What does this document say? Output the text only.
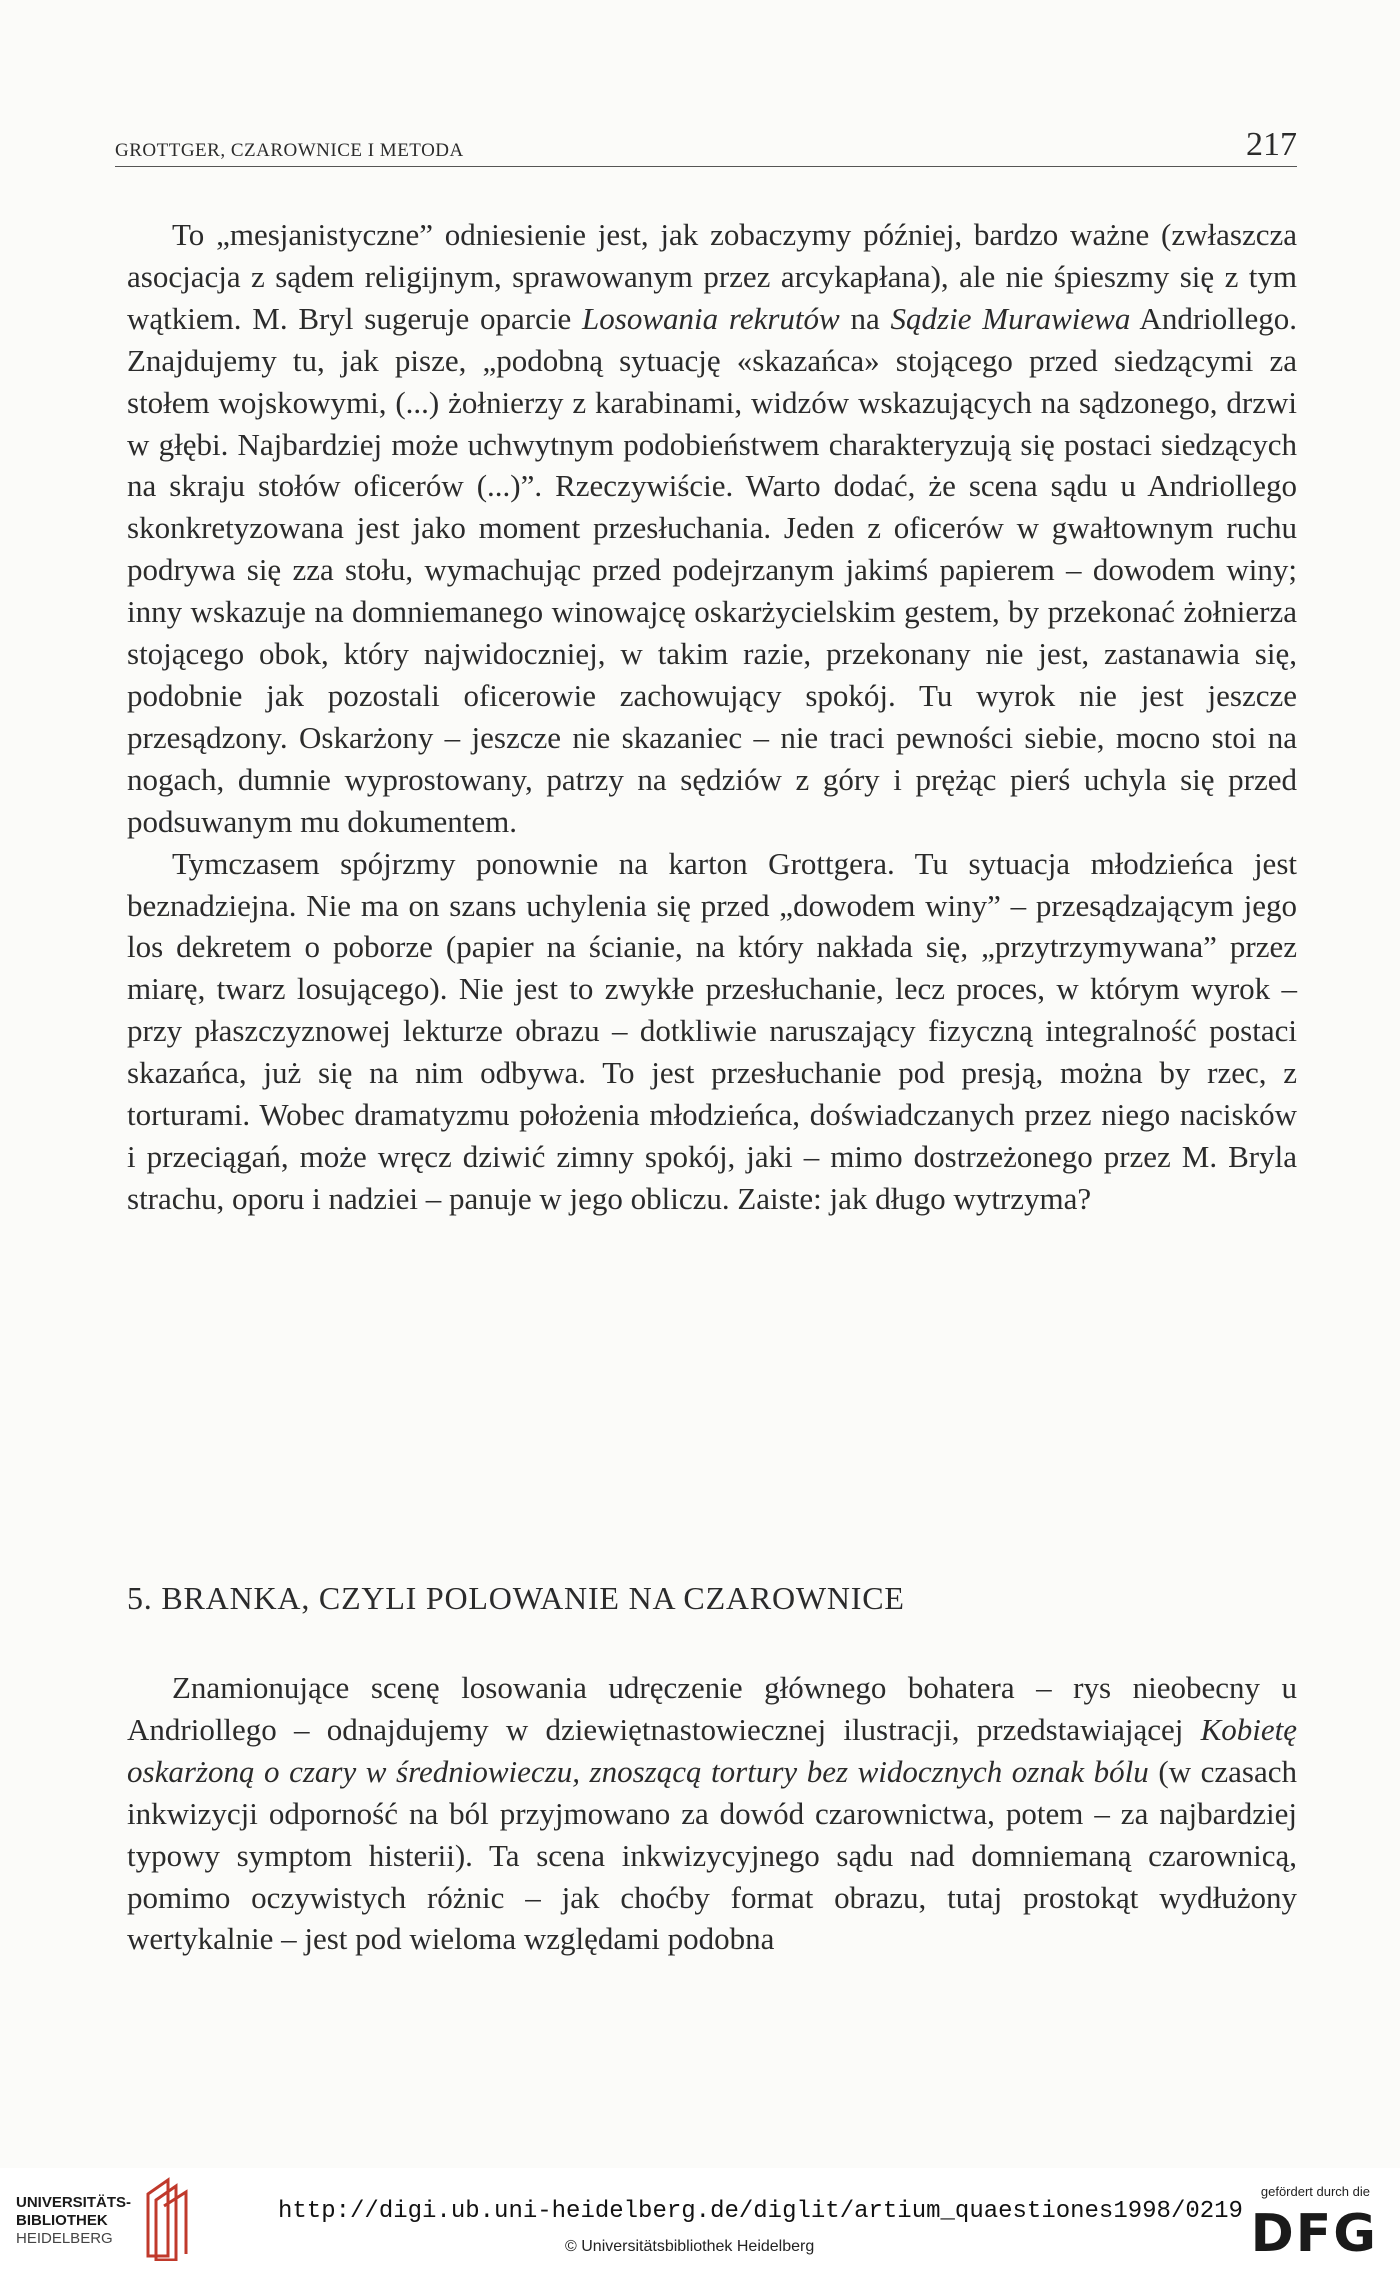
GROTTGER, CZAROWNICE I METODA	217

To „mesjanistyczne” odniesienie jest, jak zobaczymy później, bardzo ważne (zwłaszcza asocjacja z sądem religijnym, sprawowanym przez arcykapłana), ale nie śpieszmy się z tym wątkiem. M. Bryl sugeruje oparcie Losowania rekrutów na Sądzie Murawiewa Andriollego. Znajdujemy tu, jak pisze, „podobną sytuację «skazańca» stojącego przed siedzącymi za stołem wojskowymi, (...) żołnierzy z karabinami, widzów wskazujących na sądzonego, drzwi w głębi. Najbardziej może uchwytnym podobieństwem charakteryzują się postaci siedzących na skraju stołów oficerów (...)”. Rzeczywiście. Warto dodać, że scena sądu u Andriollego skonkretyzowana jest jako moment przesłuchania. Jeden z oficerów w gwałtownym ruchu podrywa się zza stołu, wymachując przed podejrzanym jakimś papierem – dowodem winy; inny wskazuje na domniemanego winowajcę oskarżycielskim gestem, by przekonać żołnierza stojącego obok, który najwidoczniej, w takim razie, przekonany nie jest, zastanawia się, podobnie jak pozostali oficerowie zachowujący spokój. Tu wyrok nie jest jeszcze przesądzony. Oskarżony – jeszcze nie skazaniec – nie traci pewności siebie, mocno stoi na nogach, dumnie wyprostowany, patrzy na sędziów z góry i prężąc pierś uchyla się przed podsuwanym mu dokumentem.

Tymczasem spójrzmy ponownie na karton Grottgera. Tu sytuacja młodzieńca jest beznadziejna. Nie ma on szans uchylenia się przed „dowodem winy” – przesądzającym jego los dekretem o poborze (papier na ścianie, na który nakłada się, „przytrzymywana” przez miarę, twarz losującego). Nie jest to zwykłe przesłuchanie, lecz proces, w którym wyrok – przy płaszczyznowej lekturze obrazu – dotkliwie naruszający fizyczną integralność postaci skazańca, już się na nim odbywa. To jest przesłuchanie pod presją, można by rzec, z torturami. Wobec dramatyzmu położenia młodzieńca, doświadczanych przez niego nacisków i przeciągań, może wręcz dziwić zimny spokój, jaki – mimo dostrzeżonego przez M. Bryla strachu, oporu i nadziei – panuje w jego obliczu. Zaiste: jak długo wytrzyma?

5. BRANKA, CZYLI POLOWANIE NA CZAROWNICE

Znamionujące scenę losowania udręczenie głównego bohatera – rys nieobecny u Andriollego – odnajdujemy w dziewiętnastowiecznej ilustracji, przedstawiającej Kobietę oskarżoną o czary w średniowieczu, znoszącą tortury bez widocznych oznak bólu (w czasach inkwizycji odporność na ból przyjmowano za dowód czarownictwa, potem – za najbardziej typowy symptom histerii). Ta scena inkwizycyjnego sądu nad domniemaną czarownicą, pomimo oczywistych różnic – jak choćby format obrazu, tutaj prostokąt wydłużony wertykalnie – jest pod wieloma względami podobna

UNIVERSITÄTS-
BIBLIOTHEK
HEIDELBERG
http://digi.ub.uni-heidelberg.de/diglit/artium_quaestiones1998/0219
© Universitätsbibliothek Heidelberg
gefördert durch die
DFG
